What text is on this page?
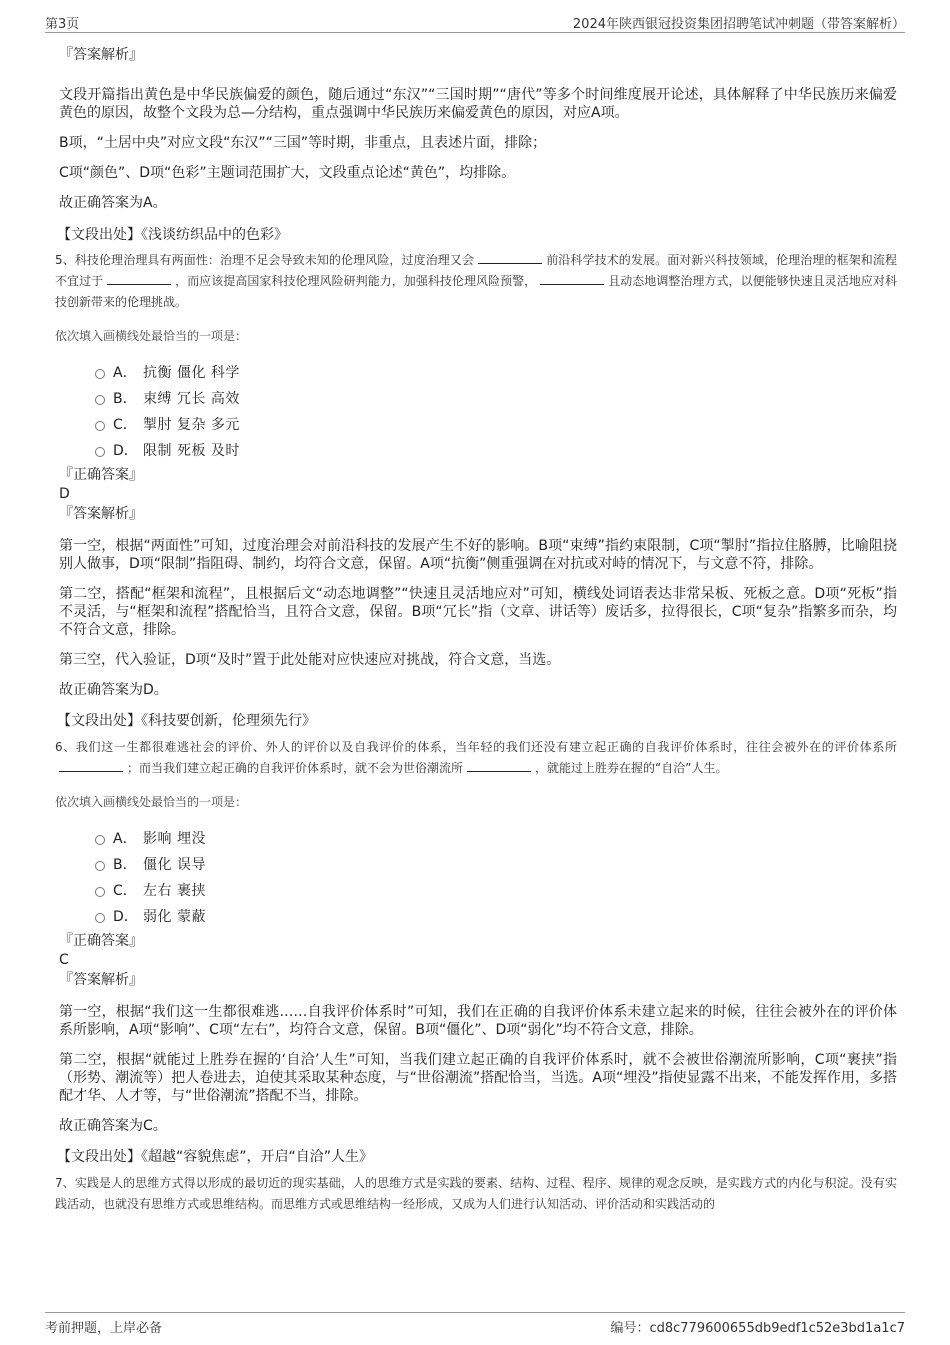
第3页	2024年陕西银冠投资集团招聘笔试冲刺题（带答案解析）
『答案解析』

文段开篇指出黄色是中华民族偏爱的颜色，随后通过“东汉”“三国时期”“唐代”等多个时间维度展开论述，具体解释了中华民族历来偏爱黄色的原因，故整个文段为总—分结构，重点强调中华民族历来偏爱黄色的原因，对应A项。

B项，“土居中央”对应文段“东汉”“三国”等时期，非重点，且表述片面，排除；

C项“颜色”、D项“色彩”主题词范围扩大，文段重点论述“黄色”，均排除。

故正确答案为A。

【文段出处】《浅谈纺织品中的色彩》

5、科技伦理治理具有两面性：治理不足会导致未知的伦理风险，过度治理又会	前沿科学技术的发展。面对新兴科技领域，伦理治理的框架和流程不宜过于	，而应该提高国家科技伦理风险研判能力，加强科技伦理风险预警，	且动态地调整治理方式，以便能够快速且灵活地应对科技创新带来的伦理挑战。

依次填入画横线处最恰当的一项是：

A． 抗衡 僵化 科学
B． 束缚 冗长 高效
C． 掣肘 复杂 多元
D． 限制 死板 及时
『正确答案』
D
『答案解析』

第一空，根据“两面性”可知，过度治理会对前沿科技的发展产生不好的影响。B项“束缚”指约束限制，C项“掣肘”指拉住胳膊，比喻阻挠别人做事，D项“限制”指阻碍、制约，均符合文意，保留。A项“抗衡”侧重强调在对抗或对峙的情况下，与文意不符，排除。

第二空，搭配“框架和流程”，且根据后文“动态地调整”“快速且灵活地应对”可知，横线处词语表达非常呆板、死板之意。D项“死板”指不灵活，与“框架和流程”搭配恰当，且符合文意，保留。B项“冗长”指（文章、讲话等）废话多，拉得很长，C项“复杂”指繁多而杂，均不符合文意，排除。

第三空，代入验证，D项“及时”置于此处能对应快速应对挑战，符合文意，当选。

故正确答案为D。

【文段出处】《科技要创新，伦理须先行》

6、我们这一生都很难逃社会的评价、外人的评价以及自我评价的体系，当年轻的我们还没有建立起正确的自我评价体系时，往往会被外在的评价体系所；而当我们建立起正确的自我评价体系时，就不会为世俗潮流所	，就能过上胜券在握的“自洽”人生。

依次填入画横线处最恰当的一项是：

A． 影响 埋没
B． 僵化 误导
C． 左右 裹挟
D． 弱化 蒙蔽
『正确答案』
C
『答案解析』

第一空，根据“我们这一生都很难逃……自我评价体系时”可知，我们在正确的自我评价体系未建立起来的时候，往往会被外在的评价体系所影响，A项“影响”、C项“左右”，均符合文意，保留。B项“僵化”、D项“弱化”均不符合文意，排除。

第二空，根据“就能过上胜券在握的‘自洽’人生”可知，当我们建立起正确的自我评价体系时，就不会被世俗潮流所影响，C项“裹挟”指（形势、潮流等）把人卷进去，迫使其采取某种态度，与“世俗潮流”搭配恰当，当选。A项“埋没”指使显露不出来，不能发挥作用，多搭配才华、人才等，与“世俗潮流”搭配不当，排除。

故正确答案为C。

【文段出处】《超越“容貌焦虑”，开启“自洽”人生》

7、实践是人的思维方式得以形成的最切近的现实基础，人的思维方式是实践的要素、结构、过程、程序、规律的观念反映，是实践方式的内化与积淀。没有实践活动，也就没有思维方式或思维结构。而思维方式或思维结构一经形成，又成为人们进行认知活动、评价活动和实践活动的

考前押题，上岸必备	编号：cd8c779600655db9edf1c52e3bd1a1c7
